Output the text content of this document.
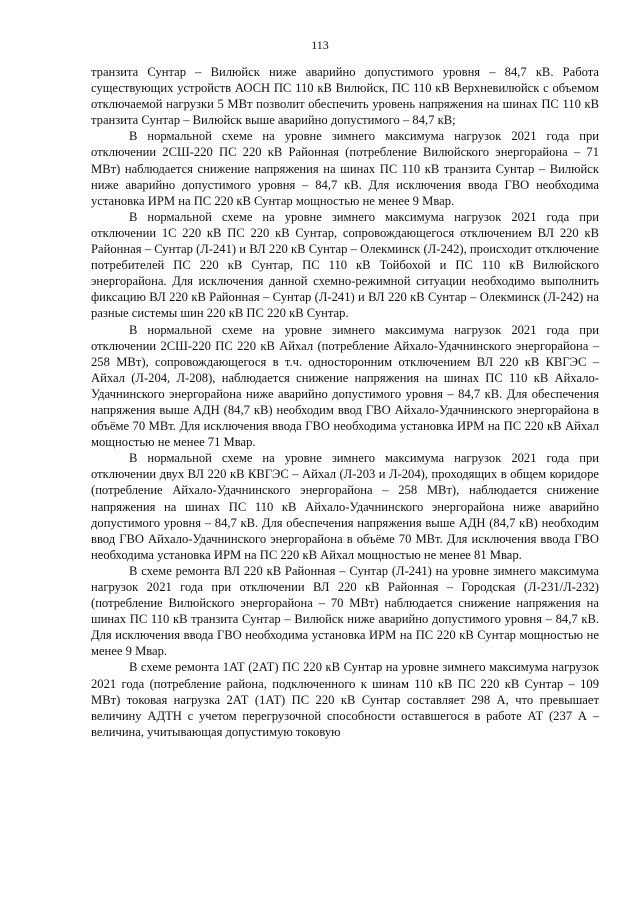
113

транзита Сунтар – Вилюйск ниже аварийно допустимого уровня – 84,7 кВ. Работа существующих устройств АОСН ПС 110 кВ Вилюйск, ПС 110 кВ Верхневилюйск с объемом отключаемой нагрузки 5 МВт позволит обеспечить уровень напряжения на шинах ПС 110 кВ транзита Сунтар – Вилюйск выше аварийно допустимого – 84,7 кВ;

В нормальной схеме на уровне зимнего максимума нагрузок 2021 года при отключении 2СШ-220 ПС 220 кВ Районная (потребление Вилюйского энергорайона – 71 МВт) наблюдается снижение напряжения на шинах ПС 110 кВ транзита Сунтар – Вилюйск ниже аварийно допустимого уровня – 84,7 кВ. Для исключения ввода ГВО необходима установка ИРМ на ПС 220 кВ Сунтар мощностью не менее 9 Мвар.

В нормальной схеме на уровне зимнего максимума нагрузок 2021 года при отключении 1С 220 кВ ПС 220 кВ Сунтар, сопровождающегося отключением ВЛ 220 кВ Районная – Сунтар (Л-241) и ВЛ 220 кВ Сунтар – Олекминск (Л-242), происходит отключение потребителей ПС 220 кВ Сунтар, ПС 110 кВ Тойбохой и ПС 110 кВ Вилюйского энергорайона. Для исключения данной схемно-режимной ситуации необходимо выполнить фиксацию ВЛ 220 кВ Районная – Сунтар (Л-241) и ВЛ 220 кВ Сунтар – Олекминск (Л-242) на разные системы шин 220 кВ ПС 220 кВ Сунтар.

В нормальной схеме на уровне зимнего максимума нагрузок 2021 года при отключении 2СШ-220 ПС 220 кВ Айхал (потребление Айхало-Удачнинского энергорайона – 258 МВт), сопровождающегося в т.ч. односторонним отключением ВЛ 220 кВ КВГЭС – Айхал (Л-204, Л-208), наблюдается снижение напряжения на шинах ПС 110 кВ Айхало-Удачнинского энергорайона ниже аварийно допустимого уровня – 84,7 кВ. Для обеспечения напряжения выше АДН (84,7 кВ) необходим ввод ГВО Айхало-Удачнинского энергорайона в объёме 70 МВт. Для исключения ввода ГВО необходима установка ИРМ на ПС 220 кВ Айхал мощностью не менее 71 Мвар.

В нормальной схеме на уровне зимнего максимума нагрузок 2021 года при отключении двух ВЛ 220 кВ КВГЭС – Айхал (Л-203 и Л-204), проходящих в общем коридоре (потребление Айхало-Удачнинского энергорайона – 258 МВт), наблюдается снижение напряжения на шинах ПС 110 кВ Айхало-Удачнинского энергорайона ниже аварийно допустимого уровня – 84,7 кВ. Для обеспечения напряжения выше АДН (84,7 кВ) необходим ввод ГВО Айхало-Удачнинского энергорайона в объёме 70 МВт. Для исключения ввода ГВО необходима установка ИРМ на ПС 220 кВ Айхал мощностью не менее 81 Мвар.

В схеме ремонта ВЛ 220 кВ Районная – Сунтар (Л-241) на уровне зимнего максимума нагрузок 2021 года при отключении ВЛ 220 кВ Районная – Городская (Л-231/Л-232) (потребление Вилюйского энергорайона – 70 МВт) наблюдается снижение напряжения на шинах ПС 110 кВ транзита Сунтар – Вилюйск ниже аварийно допустимого уровня – 84,7 кВ. Для исключения ввода ГВО необходима установка ИРМ на ПС 220 кВ Сунтар мощностью не менее 9 Мвар.

В схеме ремонта 1АТ (2АТ) ПС 220 кВ Сунтар на уровне зимнего максимума нагрузок 2021 года (потребление района, подключенного к шинам 110 кВ ПС 220 кВ Сунтар – 109 МВт) токовая нагрузка 2АТ (1АТ) ПС 220 кВ Сунтар составляет 298 А, что превышает величину АДТН с учетом перегрузочной способности оставшегося в работе АТ (237 А – величина, учитывающая допустимую токовую
